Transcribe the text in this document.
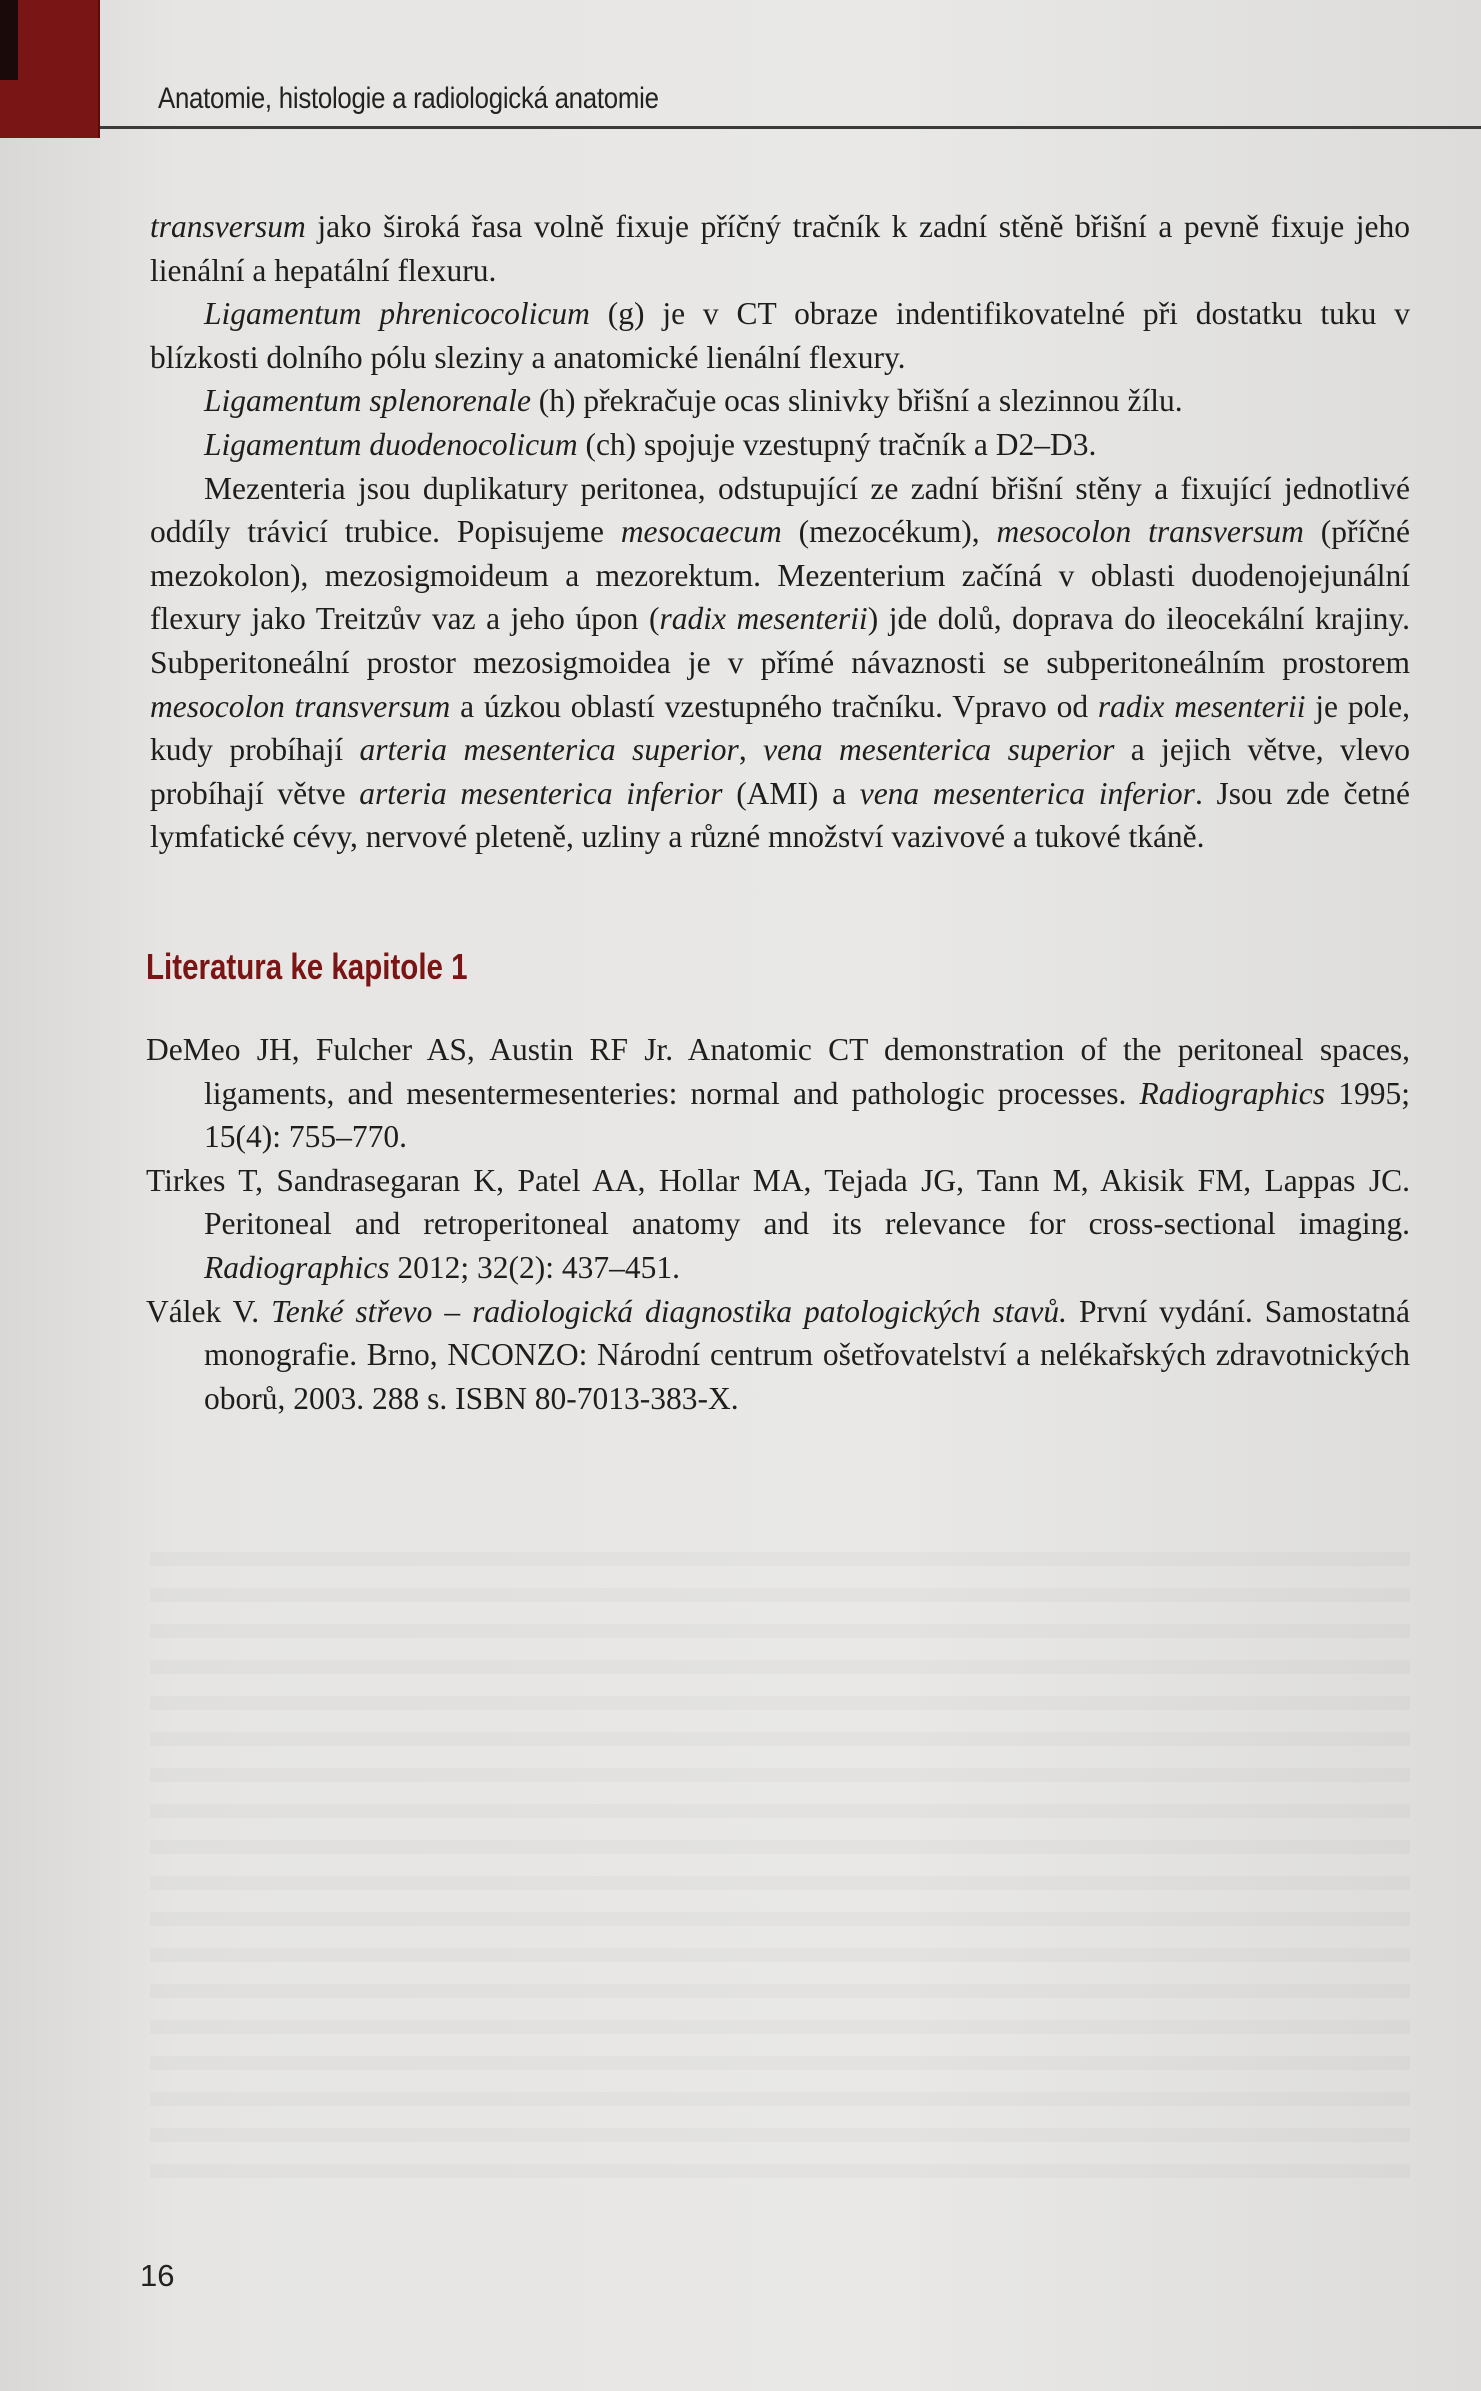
Anatomie, histologie a radiologická anatomie

transversum jako široká řasa volně fixuje příčný tračník k zadní stěně břišní a pevně fixuje jeho lienální a hepatální flexuru.

Ligamentum phrenicocolicum (g) je v CT obraze indentifikovatelné při dostatku tuku v blízkosti dolního pólu sleziny a anatomické lienální flexury.

Ligamentum splenorenale (h) překračuje ocas slinivky břišní a slezinnou žílu.

Ligamentum duodenocolicum (ch) spojuje vzestupný tračník a D2–D3.

Mezenteria jsou duplikatury peritonea, odstupující ze zadní břišní stěny a fixující jednotlivé oddíly trávicí trubice. Popisujeme mesocaecum (mezocékum), mesocolon transversum (příčné mezokolon), mezosigmoideum a mezorektum. Mezenterium začíná v oblasti duodenojejunální flexury jako Treitzův vaz a jeho úpon (radix mesenterii) jde dolů, doprava do ileocekální krajiny. Subperitoneální prostor mezosigmoidea je v přímé návaznosti se subperitoneálním prostorem mesocolon transversum a úzkou oblastí vzestupného tračníku. Vpravo od radix mesenterii je pole, kudy probíhají arteria mesenterica superior, vena mesenterica superior a jejich větve, vlevo probíhají větve arteria mesenterica inferior (AMI) a vena mesenterica inferior. Jsou zde četné lymfatické cévy, nervové pleteně, uzliny a různé množství vazivové a tukové tkáně.

Literatura ke kapitole 1

DeMeo JH, Fulcher AS, Austin RF Jr. Anatomic CT demonstration of the peritoneal spaces, ligaments, and mesentermesenteries: normal and pathologic processes. Radiographics 1995; 15(4): 755–770.

Tirkes T, Sandrasegaran K, Patel AA, Hollar MA, Tejada JG, Tann M, Akisik FM, Lappas JC. Peritoneal and retroperitoneal anatomy and its relevance for cross-sectional imaging. Radiographics 2012; 32(2): 437–451.

Válek V. Tenké střevo – radiologická diagnostika patologických stavů. První vydání. Samostatná monografie. Brno, NCONZO: Národní centrum ošetřovatelství a nelékařských zdravotnických oborů, 2003. 288 s. ISBN 80-7013-383-X.

16
